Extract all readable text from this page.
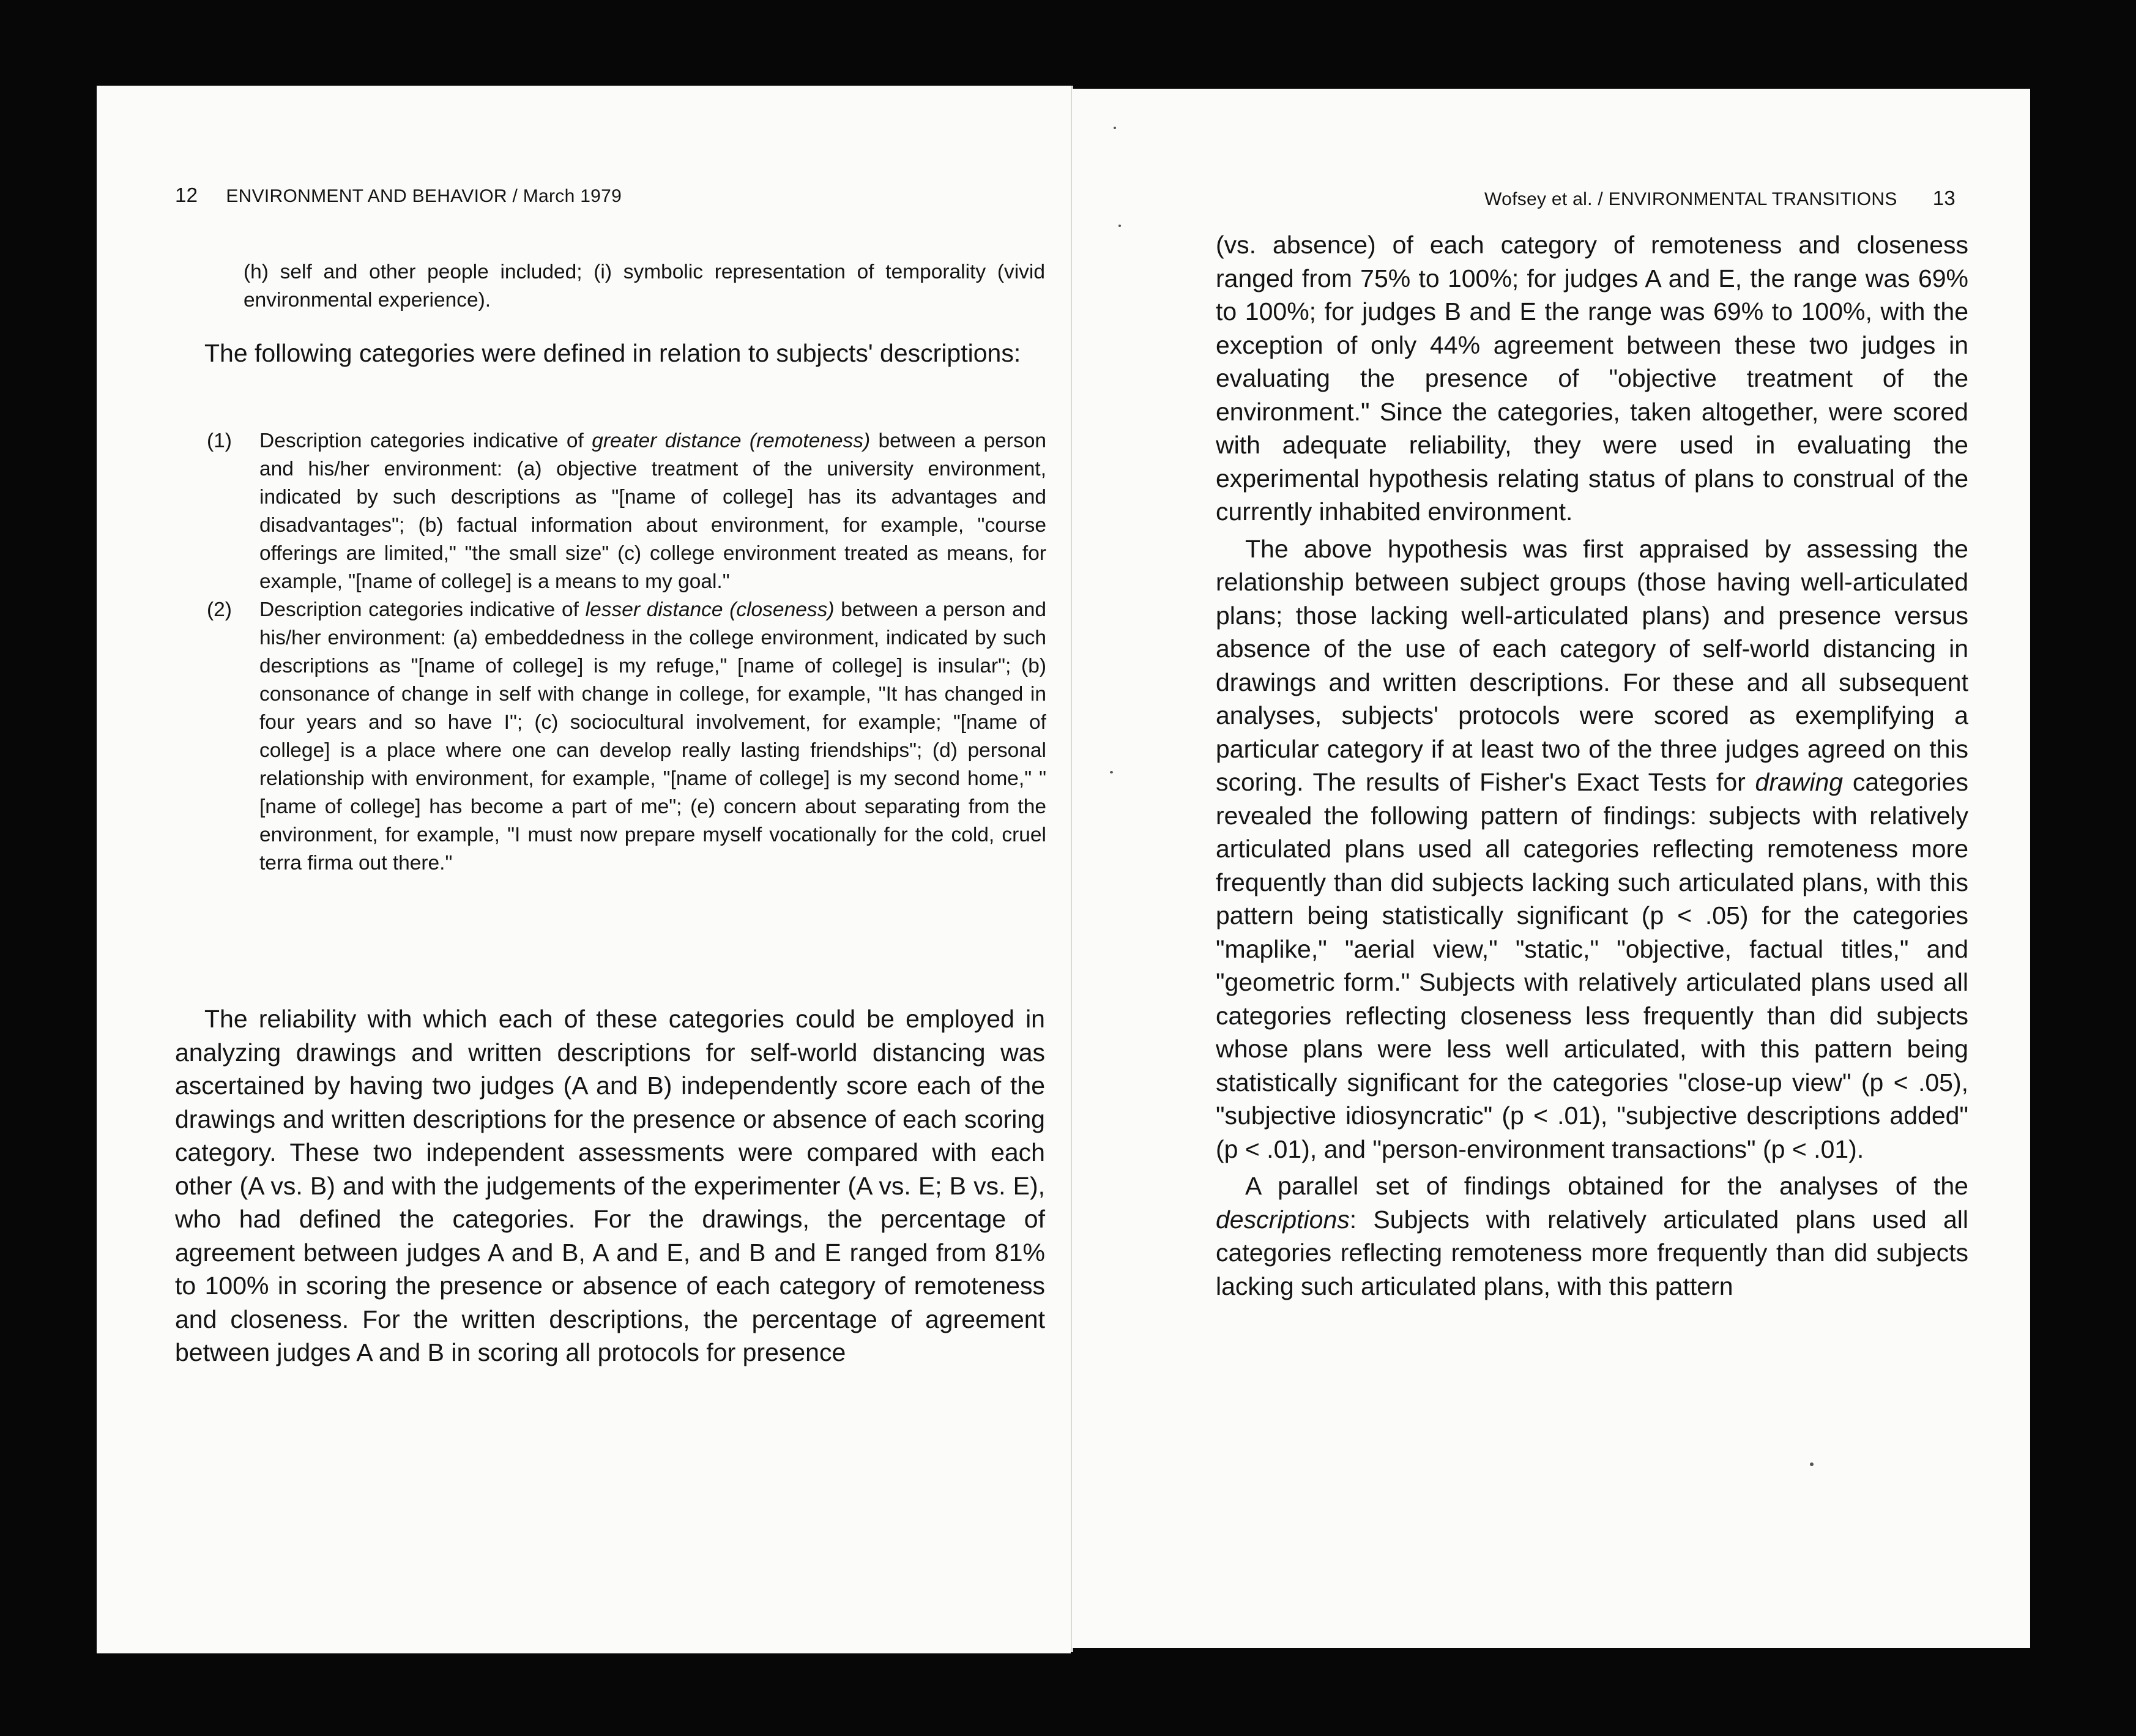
12 ENVIRONMENT AND BEHAVIOR / March 1979

(h) self and other people included; (i) symbolic representation of temporality (vivid environmental experience).

The following categories were defined in relation to subjects' descriptions:

(1) Description categories indicative of greater distance (remoteness) between a person and his/her environment: (a) objective treatment of the university environment, indicated by such descriptions as "[name of college] has its advantages and disadvantages"; (b) factual information about environment, for example, "course offerings are limited," "the small size" (c) college environment treated as means, for example, "[name of college] is a means to my goal."
(2) Description categories indicative of lesser distance (closeness) between a person and his/her environment: (a) embeddedness in the college environment, indicated by such descriptions as "[name of college] is my refuge," [name of college] is insular"; (b) consonance of change in self with change in college, for example, "It has changed in four years and so have I"; (c) sociocultural involvement, for example; "[name of college] is a place where one can develop really lasting friendships"; (d) personal relationship with environment, for example, "[name of college] is my second home," "[name of college] has become a part of me"; (e) concern about separating from the environment, for example, "I must now prepare myself vocationally for the cold, cruel terra firma out there."

The reliability with which each of these categories could be employed in analyzing drawings and written descriptions for self-world distancing was ascertained by having two judges (A and B) independently score each of the drawings and written descriptions for the presence or absence of each scoring category. These two independent assessments were compared with each other (A vs. B) and with the judgements of the experimenter (A vs. E; B vs. E), who had defined the categories. For the drawings, the percentage of agreement between judges A and B, A and E, and B and E ranged from 81% to 100% in scoring the presence or absence of each category of remoteness and closeness. For the written descriptions, the percentage of agreement between judges A and B in scoring all protocols for presence

Wofsey et al. / ENVIRONMENTAL TRANSITIONS 13

(vs. absence) of each category of remoteness and closeness ranged from 75% to 100%; for judges A and E, the range was 69% to 100%; for judges B and E the range was 69% to 100%, with the exception of only 44% agreement between these two judges in evaluating the presence of "objective treatment of the environment." Since the categories, taken altogether, were scored with adequate reliability, they were used in evaluating the experimental hypothesis relating status of plans to construal of the currently inhabited environment.

The above hypothesis was first appraised by assessing the relationship between subject groups (those having well-articulated plans; those lacking well-articulated plans) and presence versus absence of the use of each category of self-world distancing in drawings and written descriptions. For these and all subsequent analyses, subjects' protocols were scored as exemplifying a particular category if at least two of the three judges agreed on this scoring. The results of Fisher's Exact Tests for drawing categories revealed the following pattern of findings: subjects with relatively articulated plans used all categories reflecting remoteness more frequently than did subjects lacking such articulated plans, with this pattern being statistically significant (p < .05) for the categories "maplike," "aerial view," "static," "objective, factual titles," and "geometric form." Subjects with relatively articulated plans used all categories reflecting closeness less frequently than did subjects whose plans were less well articulated, with this pattern being statistically significant for the categories "close-up view" (p < .05), "subjective idiosyncratic" (p < .01), "subjective descriptions added" (p < .01), and "person-environment transactions" (p < .01).

A parallel set of findings obtained for the analyses of the descriptions: Subjects with relatively articulated plans used all categories reflecting remoteness more frequently than did subjects lacking such articulated plans, with this pattern
